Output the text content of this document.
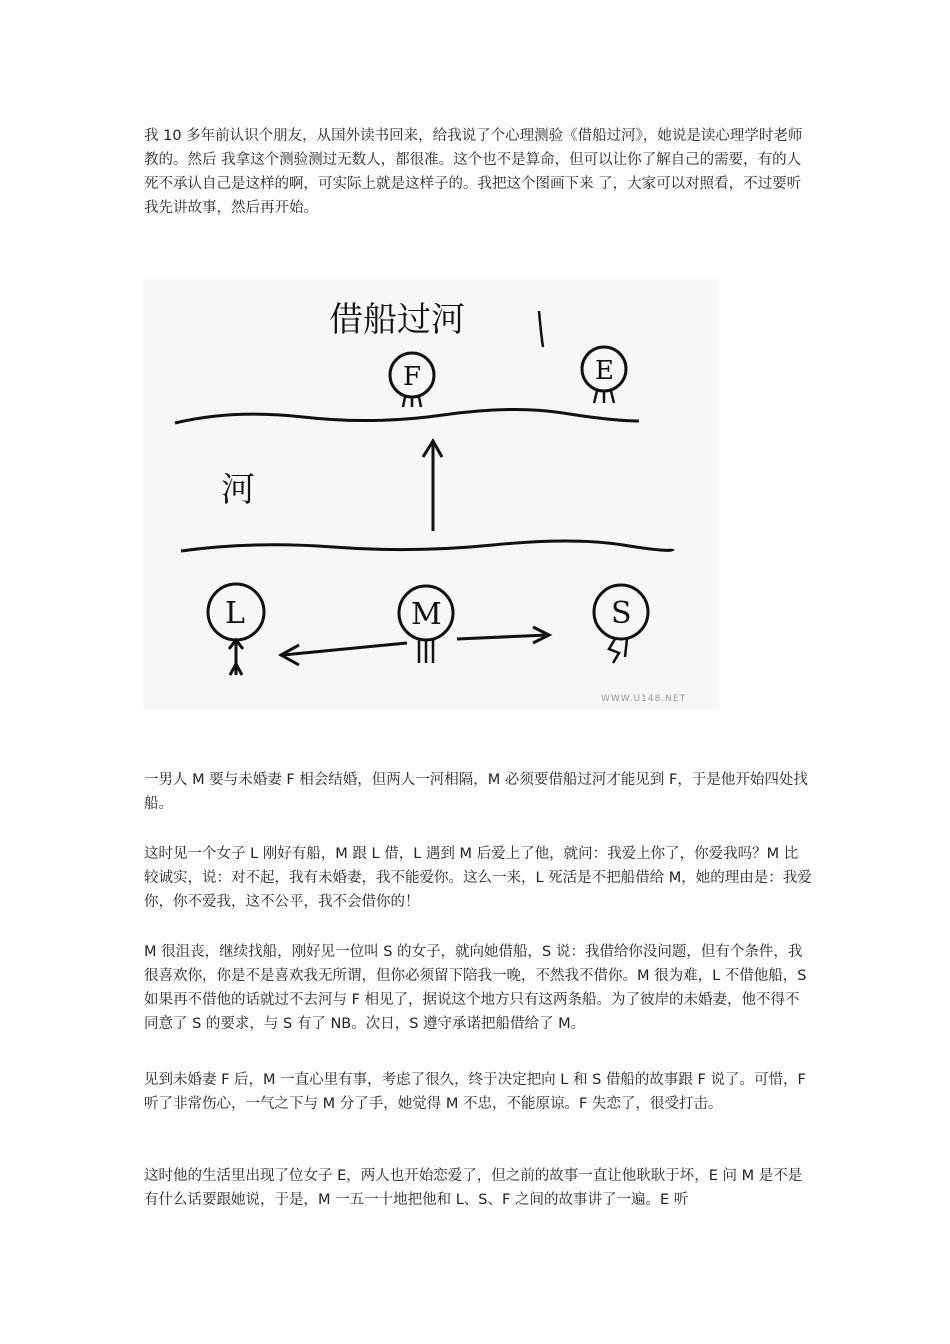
我 10 多年前认识个朋友，从国外读书回来，给我说了个心理测验《借船过河》，她说是读心理学时老师教的。然后 我拿这个测验测过无数人，都很准。这个也不是算命，但可以让你了解自己的需要，有的人死不承认自己是这样的啊，可实际上就是这样子的。我把这个图画下来 了，大家可以对照看，不过要听我先讲故事，然后再开始。

借船过河
河
F	E
L	M	S
WWW.U148.NET

一男人 M 要与未婚妻 F 相会结婚，但两人一河相隔，M 必须要借船过河才能见到 F，于是他开始四处找船。

这时见一个女子 L 刚好有船，M 跟 L 借，L 遇到 M 后爱上了他，就问：我爱上你了，你爱我吗？M 比较诚实，说：对不起，我有未婚妻，我不能爱你。这么一来，L 死活是不把船借给 M，她的理由是：我爱你，你不爱我，这不公平，我不会借你的！

M 很沮丧，继续找船，刚好见一位叫 S 的女子，就向她借船，S 说：我借给你没问题，但有个条件，我很喜欢你，你是不是喜欢我无所谓，但你必须留下陪我一晚，不然我不借你。M 很为难，L 不借他船，S 如果再不借他的话就过不去河与 F 相见了，据说这个地方只有这两条船。为了彼岸的未婚妻，他不得不同意了 S 的要求，与 S 有了 NB。次日，S 遵守承诺把船借给了 M。

见到未婚妻 F 后，M 一直心里有事，考虑了很久，终于决定把向 L 和 S 借船的故事跟 F 说了。可惜，F 听了非常伤心，一气之下与 M 分了手，她觉得 M 不忠，不能原谅。F 失恋了，很受打击。

这时他的生活里出现了位女子 E，两人也开始恋爱了，但之前的故事一直让他耿耿于坏，E 问 M 是不是有什么话要跟她说，于是，M 一五一十地把他和 L、S、F 之间的故事讲了一遍。E 听
